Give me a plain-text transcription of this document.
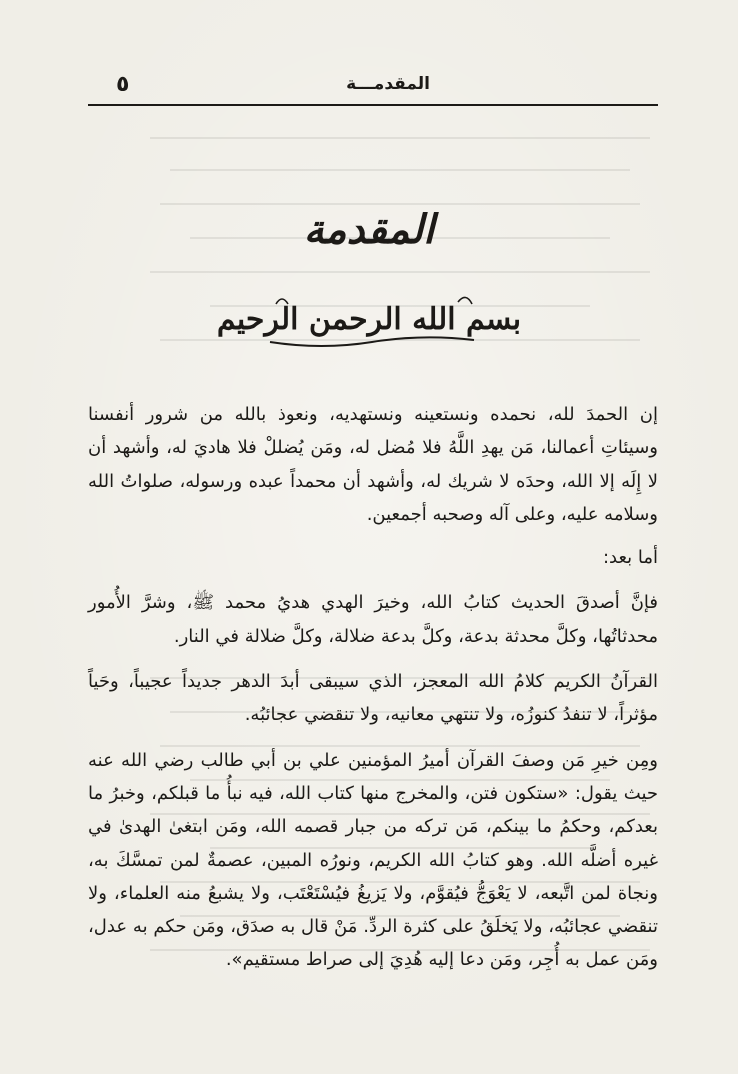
المقدمـــة
٥
المقدمة
بسم الله الرحمن الرحيم

إن الحمدَ لله، نحمده ونستعينه ونستهديه، ونعوذ بالله من شرور أنفسنا وسيئاتِ أعمالنا، مَن يهدِ اللَّهُ فلا مُضل له، ومَن يُضللْ فلا هاديَ له، وأشهد أن لا إِلَه إلا الله، وحدَه لا شريك له، وأشهد أن محمداً عبده ورسوله، صلواتُ الله وسلامه عليه، وعلى آله وصحبه أجمعين.

أما بعد:

فإنَّ أصدقَ الحديث كتابُ الله، وخيرَ الهدي هديُ محمد ﷺ، وشرَّ الأُمور محدثاتُها، وكلَّ محدثة بدعة، وكلَّ بدعة ضلالة، وكلَّ ضلالة في النار.

القرآنُ الكريم كلامُ الله المعجز، الذي سيبقى أبدَ الدهر جديداً عجيباً، وحَياً مؤثراً، لا تنفدُ كنوزُه، ولا تنتهي معانيه، ولا تنقضي عجائبُه.

ومِن خيرِ مَن وصفَ القرآن أميرُ المؤمنين علي بن أبي طالب رضي الله عنه حيث يقول: «ستكون فتن، والمخرج منها كتاب الله، فيه نبأُ ما قبلكم، وخبرُ ما بعدكم، وحكمُ ما بينكم، مَن تركه من جبار قصمه الله، ومَن ابتغىٰ الهدىٰ في غيره أضلَّه الله. وهو كتابُ الله الكريم، ونورُه المبين، عصمةٌ لمن تمسَّكَ به، ونجاة لمن اتَّبعه، لا يَعْوَجُّ فيُقوَّم، ولا يَزيغُ فيُسْتَعْتَب، ولا يشبعُ منه العلماء، ولا تنقضي عجائبُه، ولا يَخلَقُ على كثرة الردِّ. مَنْ قال به صدَق، ومَن حكم به عدل، ومَن عمل به أُجِر، ومَن دعا إليه هُدِيَ إلى صراط مستقيم».
